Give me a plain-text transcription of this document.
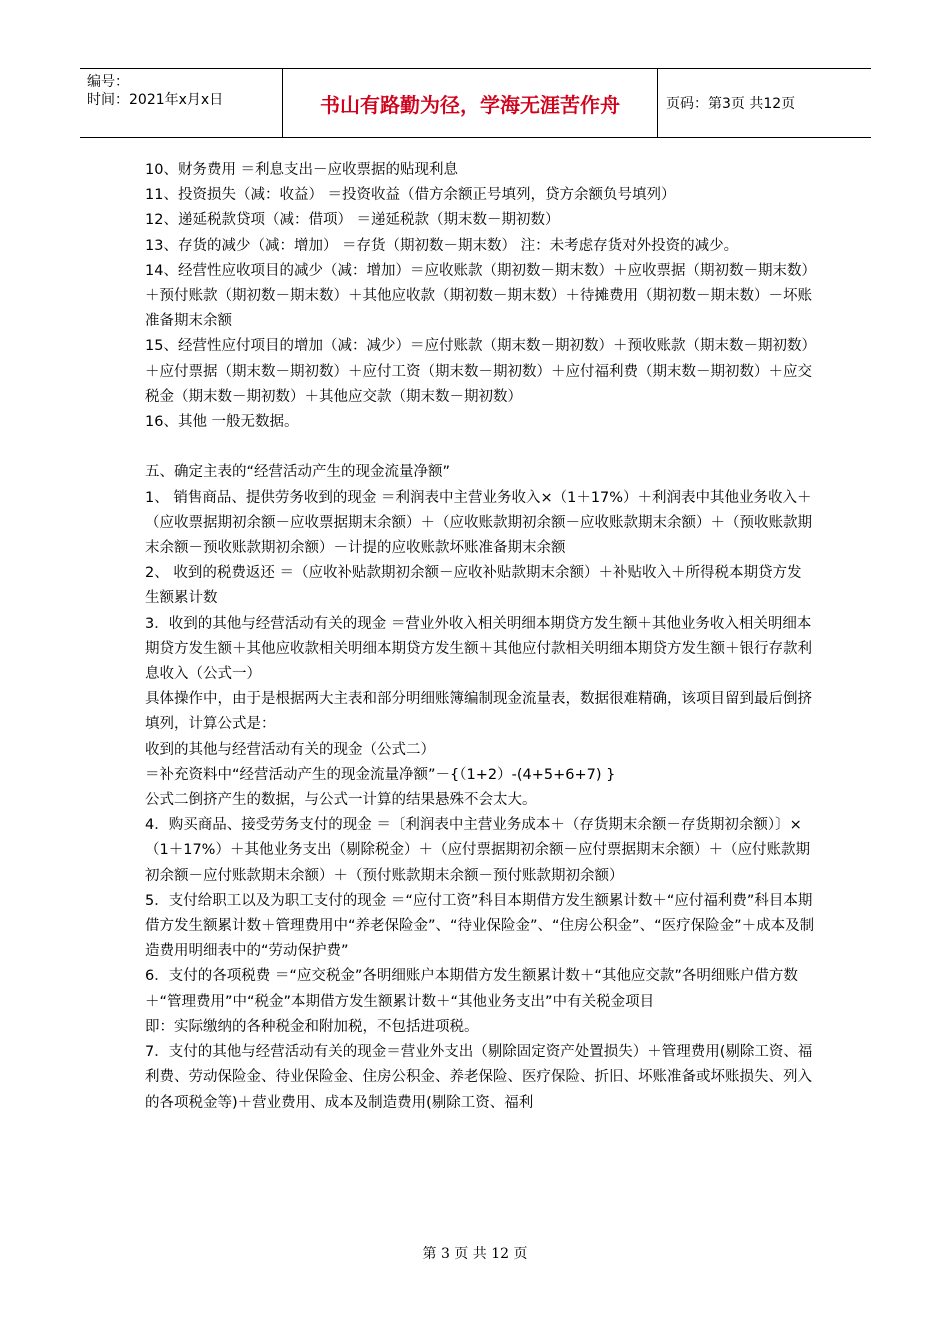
编号：
时间：2021年x月x日	书山有路勤为径，学海无涯苦作舟	页码：第3页 共12页

10、财务费用 ＝利息支出－应收票据的贴现利息

11、投资损失（减：收益） ＝投资收益（借方余额正号填列，贷方余额负号填列）

12、递延税款贷项（减：借项） ＝递延税款（期末数－期初数）

13、存货的减少（减：增加） ＝存货（期初数－期末数） 注：未考虑存货对外投资的减少。

14、经营性应收项目的减少（减：增加）＝应收账款（期初数－期末数）＋应收票据（期初数－期末数）＋预付账款（期初数－期末数）＋其他应收款（期初数－期末数）＋待摊费用（期初数－期末数）－坏账准备期末余额

15、经营性应付项目的增加（减：减少）＝应付账款（期末数－期初数）＋预收账款（期末数－期初数）＋应付票据（期末数－期初数）＋应付工资（期末数－期初数）＋应付福利费（期末数－期初数）＋应交税金（期末数－期初数）＋其他应交款（期末数－期初数）

16、其他 一般无数据。

五、确定主表的“经营活动产生的现金流量净额”

1、 销售商品、提供劳务收到的现金 ＝利润表中主营业务收入×（1＋17%）＋利润表中其他业务收入＋（应收票据期初余额－应收票据期末余额）＋（应收账款期初余额－应收账款期末余额）＋（预收账款期末余额－预收账款期初余额）－计提的应收账款坏账准备期末余额

2、 收到的税费返还 ＝（应收补贴款期初余额－应收补贴款期末余额）＋补贴收入＋所得税本期贷方发生额累计数

3．收到的其他与经营活动有关的现金 ＝营业外收入相关明细本期贷方发生额＋其他业务收入相关明细本期贷方发生额＋其他应收款相关明细本期贷方发生额＋其他应付款相关明细本期贷方发生额＋银行存款利息收入（公式一）

具体操作中，由于是根据两大主表和部分明细账簿编制现金流量表，数据很难精确，该项目留到最后倒挤填列，计算公式是：

收到的其他与经营活动有关的现金（公式二）

＝补充资料中“经营活动产生的现金流量净额”－{（1+2）-(4+5+6+7) }

公式二倒挤产生的数据，与公式一计算的结果悬殊不会太大。

4．购买商品、接受劳务支付的现金 ＝〔利润表中主营业务成本＋（存货期末余额－存货期初余额）〕×（1＋17%）＋其他业务支出（剔除税金）＋（应付票据期初余额－应付票据期末余额）＋（应付账款期初余额－应付账款期末余额）＋（预付账款期末余额－预付账款期初余额）

5．支付给职工以及为职工支付的现金 ＝“应付工资”科目本期借方发生额累计数＋“应付福利费”科目本期借方发生额累计数＋管理费用中“养老保险金”、“待业保险金”、“住房公积金”、“医疗保险金”＋成本及制造费用明细表中的“劳动保护费”

6．支付的各项税费 ＝“应交税金”各明细账户本期借方发生额累计数＋“其他应交款”各明细账户借方数＋“管理费用”中“税金”本期借方发生额累计数＋“其他业务支出”中有关税金项目

即：实际缴纳的各种税金和附加税，不包括进项税。

7．支付的其他与经营活动有关的现金＝营业外支出（剔除固定资产处置损失）＋管理费用(剔除工资、福利费、劳动保险金、待业保险金、住房公积金、养老保险、医疗保险、折旧、坏账准备或坏账损失、列入的各项税金等)＋营业费用、成本及制造费用(剔除工资、福利

第 3 页 共 12 页
